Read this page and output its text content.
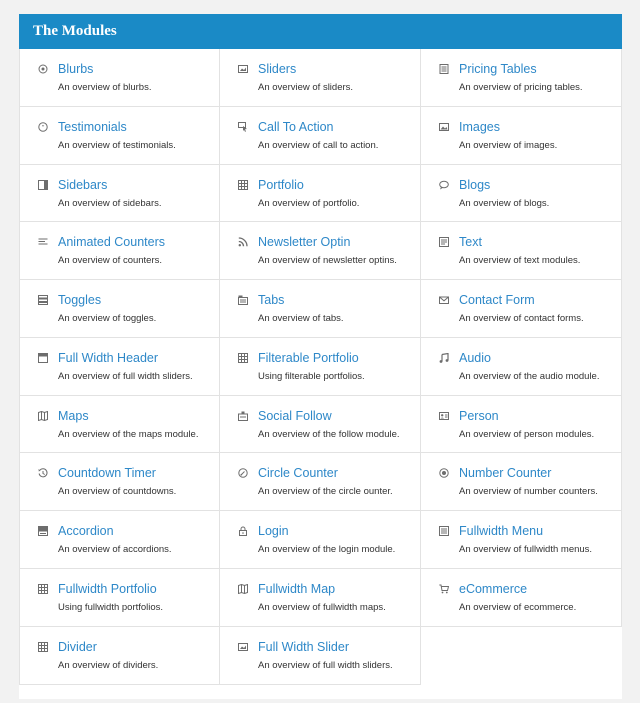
The Modules
Blurbs
An overview of blurbs.
Sliders
An overview of sliders.
Pricing Tables
An overview of pricing tables.
” Testimonials
An overview of testimonials.
Call To Action
An overview of call to action.
Images
An overview of images.
Sidebars
An overview of sidebars.
Portfolio
An overview of portfolio.
Blogs
An overview of blogs.
Animated Counters
An overview of counters.
Newsletter Optin
An overview of newsletter optins.
Text
An overview of text modules.
Toggles
An overview of toggles.
Tabs
An overview of tabs.
Contact Form
An overview of contact forms.
Full Width Header
An overview of full width sliders.
Filterable Portfolio
Using filterable portfolios.
Audio
An overview of the audio module.
Maps
An overview of the maps module.
Social Follow
An overview of the follow module.
Person
An overview of person modules.
Countdown Timer
An overview of countdowns.
Circle Counter
An overview of the circle ounter.
Number Counter
An overview of number counters.
Accordion
An overview of accordions.
Login
An overview of the login module.
Fullwidth Menu
An overview of fullwidth menus.
Fullwidth Portfolio
Using fullwidth portfolios.
Fullwidth Map
An overview of fullwidth maps.
eCommerce
An overview of ecommerce.
Divider
An overview of dividers.
Full Width Slider
An overview of full width sliders.
